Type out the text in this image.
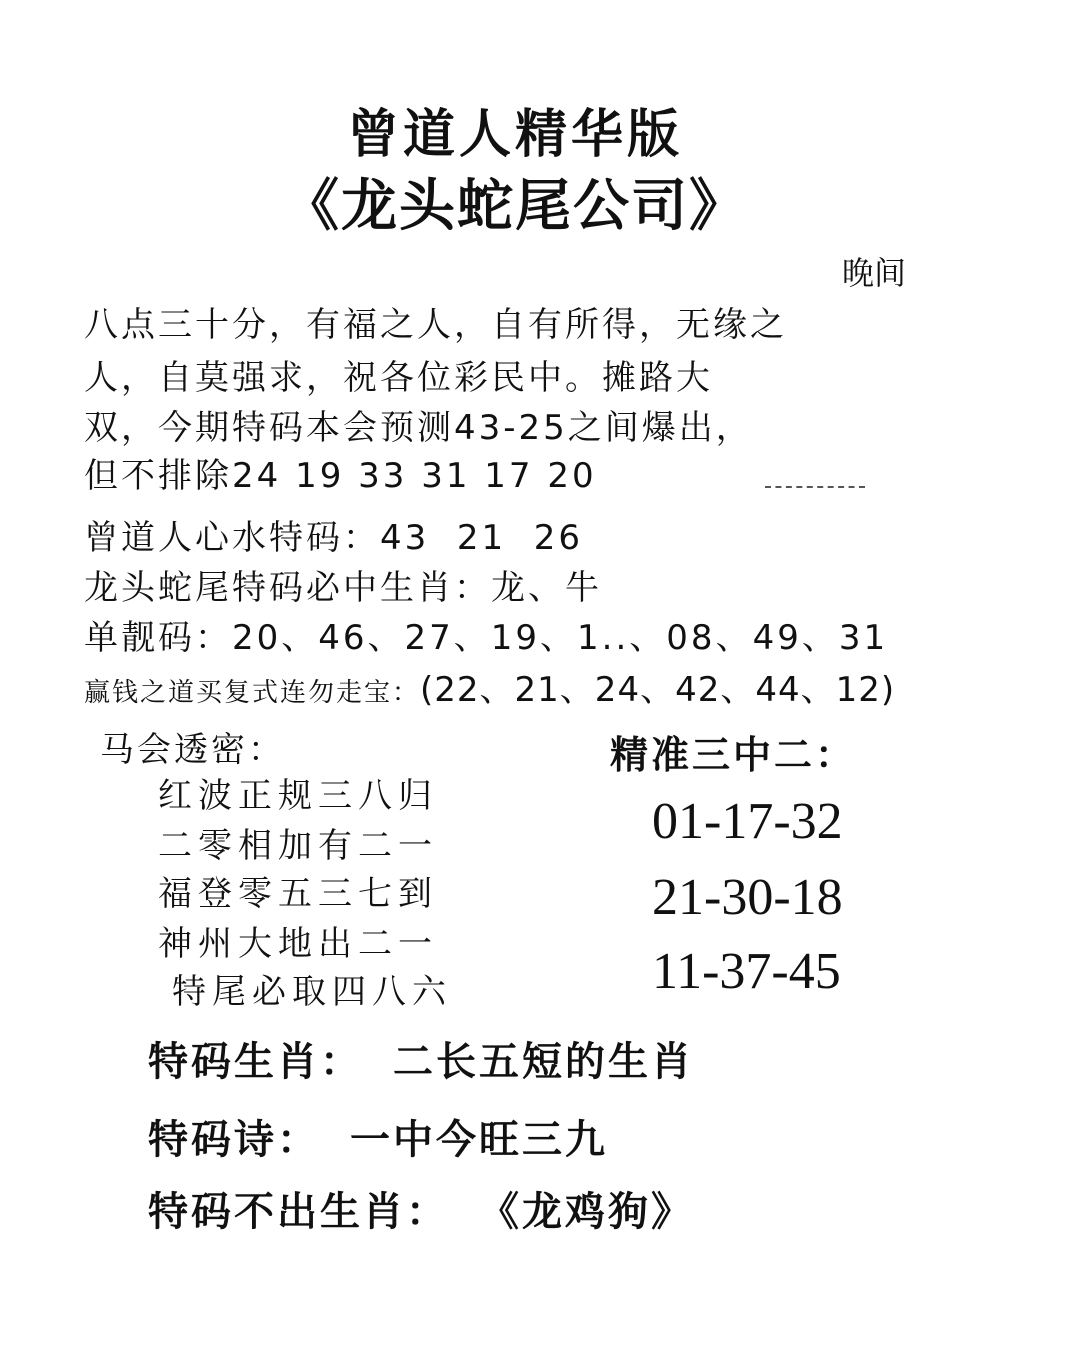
曾道人精华版
《龙头蛇尾公司》
晚间
八点三十分，有福之人，自有所得，无缘之
人，自莫强求，祝各位彩民中。摊路大
双，今期特码本会预测43-25之间爆出，
但不排除24 19 33 31 17 20
曾道人心水特码：43  21  26
龙头蛇尾特码必中生肖：龙、牛
单靓码：20、46、27、19、1..、08、49、31
赢钱之道买复式连勿走宝：(22、21、24、42、44、12)
马会透密：	精准三中二：
红波正规三八归
二零相加有二一
福登零五三七到
神州大地出二一
特尾必取四八六
01-17-32
21-30-18
11-37-45
特码生肖： 二长五短的生肖
特码诗： 一中今旺三九
特码不出生肖： 《龙鸡狗》
